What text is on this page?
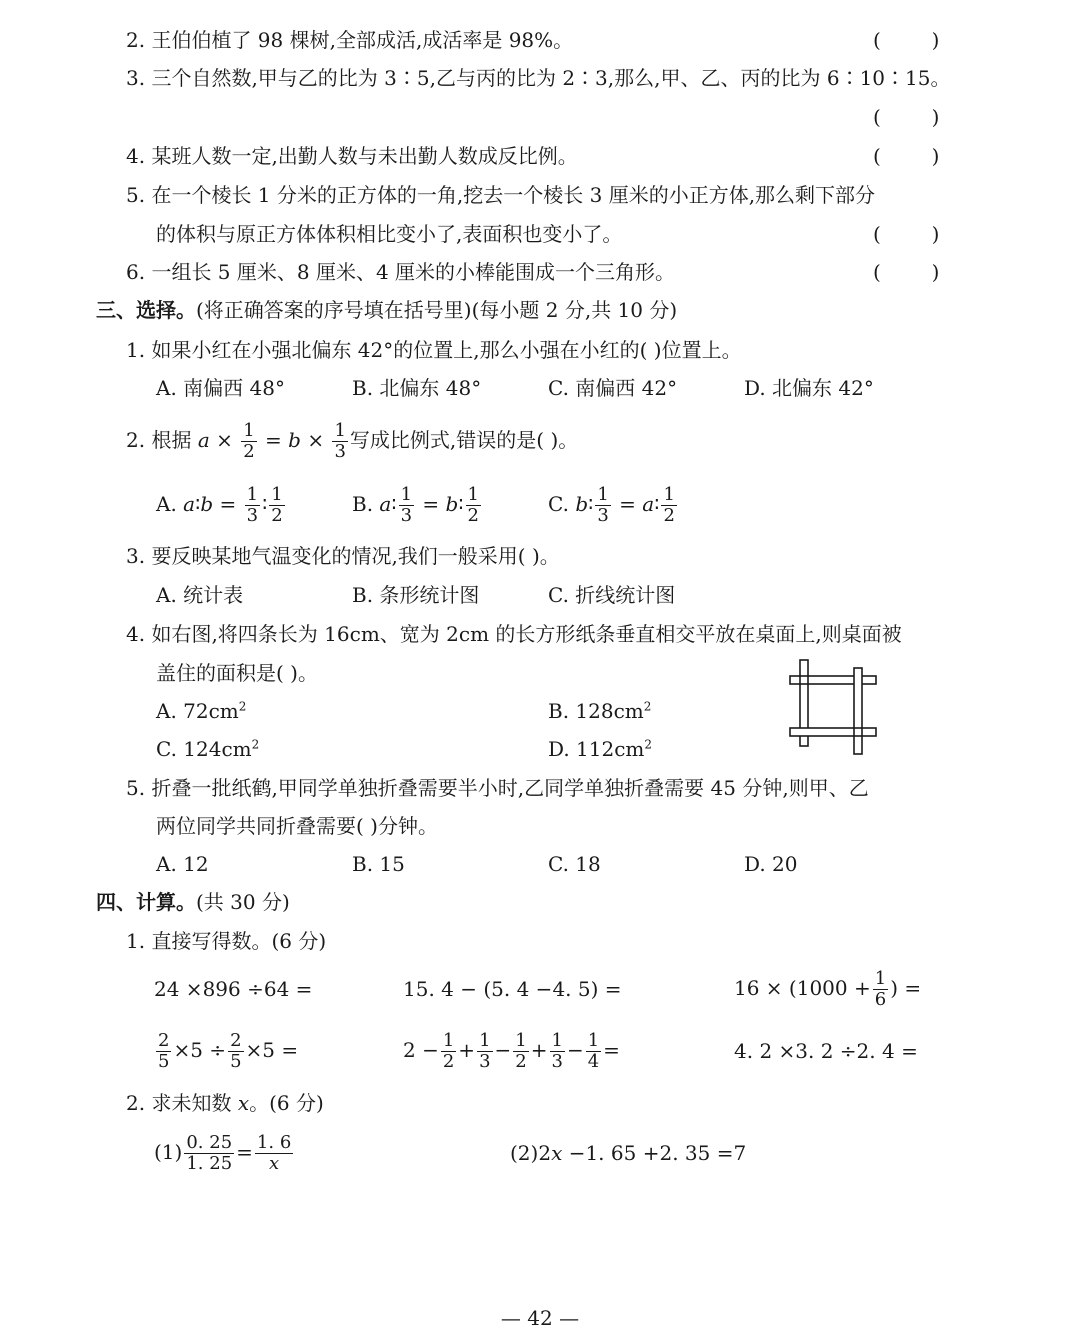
2. 王伯伯植了 98 棵树,全部成活,成活率是 98%。	(        )
3. 三个自然数,甲与乙的比为 3∶5,乙与丙的比为 2∶3,那么,甲、乙、丙的比为 6∶10∶15。
(        )
4. 某班人数一定,出勤人数与未出勤人数成反比例。	(        )
5. 在一个棱长 1 分米的正方体的一角,挖去一个棱长 3 厘米的小正方体,那么剩下部分
的体积与原正方体体积相比变小了,表面积也变小了。	(        )
6. 一组长 5 厘米、8 厘米、4 厘米的小棒能围成一个三角形。	(        )
三、选择。(将正确答案的序号填在括号里)(每小题 2 分,共 10 分)
1. 如果小红在小强北偏东 42°的位置上,那么小强在小红的( )位置上。
A. 南偏西 48°	B. 北偏东 48°	C. 南偏西 42°	D. 北偏东 42°
2. 根据 $a \times \frac{1}{2} = b \times \frac{1}{3}$ 写成比例式,错误的是( )。
A. a∶b = $\frac{1}{3}$ ∶ $\frac{1}{2}$	B. a∶ $\frac{1}{3}$ = b∶ $\frac{1}{2}$	C. b∶ $\frac{1}{3}$ = a∶ $\frac{1}{2}$
3. 要反映某地气温变化的情况,我们一般采用( )。
A. 统计表	B. 条形统计图	C. 折线统计图
4. 如右图,将四条长为 16cm、宽为 2cm 的长方形纸条垂直相交平放在桌面上,则桌面被
盖住的面积是( )。
A. $72cm^2$	B. $128cm^2$
C. $124cm^2$	D. $112cm^2$
5. 折叠一批纸鹤,甲同学单独折叠需要半小时,乙同学单独折叠需要 45 分钟,则甲、乙
两位同学共同折叠需要( )分钟。
A. 12	B. 15	C. 18	D. 20
四、计算。(共 30 分)
1. 直接写得数。(6 分)
24 ×896 ÷64 =	15. 4 − (5. 4 −4. 5) =	$16 \times (1000 + \frac{1}{6}$ ) =
$\frac{2}{5} \times 5 \div \frac{2}{5} \times 5$ =	$2 - \frac{1}{2} + \frac{1}{3} - \frac{1}{2} + \frac{1}{3} - \frac{1}{4}$ =	4. 2 ×3. 2 ÷2. 4 =
2. 求未知数 x。(6 分)
$(1) \frac{0. 25}{1. 25} = \frac{1. 6}{x}$	(2)2x −1. 65 +2. 35 =7
— 42 —
